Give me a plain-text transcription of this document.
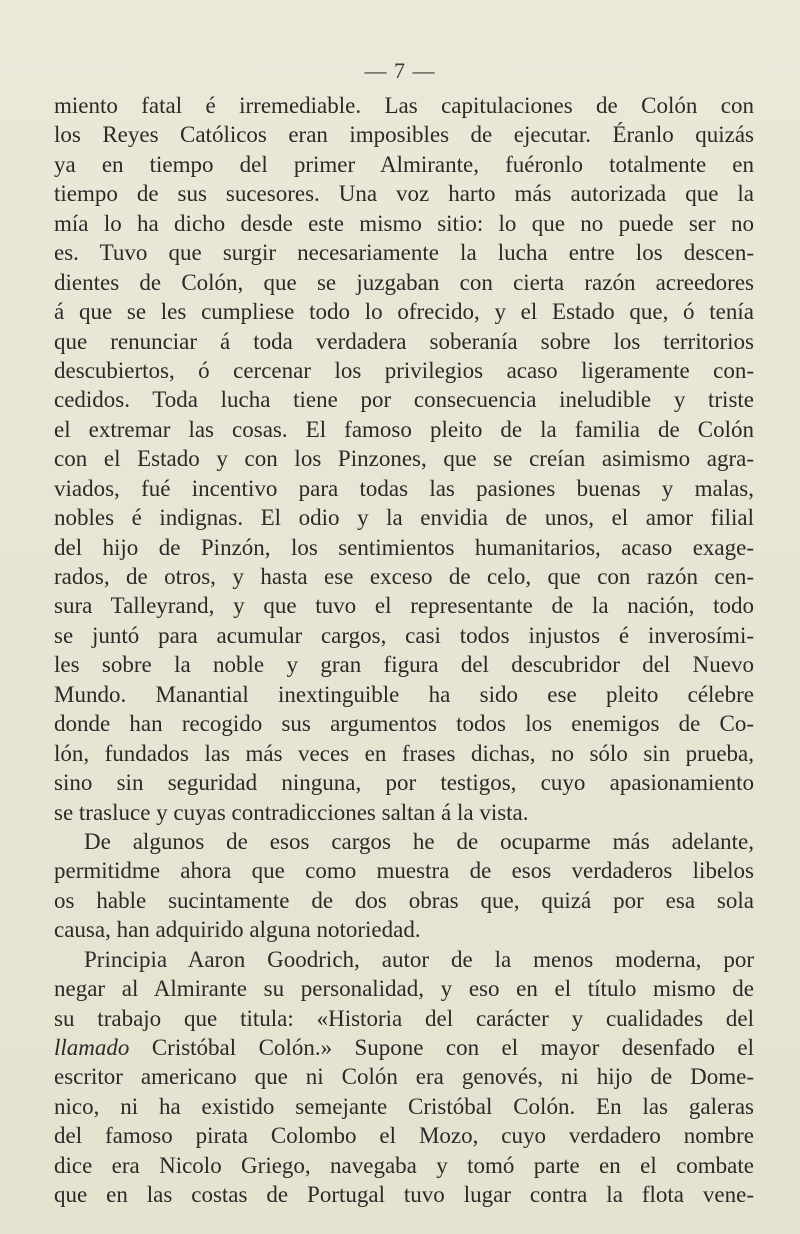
— 7 —
miento fatal é irremediable. Las capitulaciones de Colón con
los Reyes Católicos eran imposibles de ejecutar. Éranlo quizás
ya en tiempo del primer Almirante, fuéronlo totalmente en
tiempo de sus sucesores. Una voz harto más autorizada que la
mía lo ha dicho desde este mismo sitio: lo que no puede ser no
es. Tuvo que surgir necesariamente la lucha entre los descen-
dientes de Colón, que se juzgaban con cierta razón acreedores
á que se les cumpliese todo lo ofrecido, y el Estado que, ó tenía
que renunciar á toda verdadera soberanía sobre los territorios
descubiertos, ó cercenar los privilegios acaso ligeramente con-
cedidos. Toda lucha tiene por consecuencia ineludible y triste
el extremar las cosas. El famoso pleito de la familia de Colón
con el Estado y con los Pinzones, que se creían asimismo agra-
viados, fué incentivo para todas las pasiones buenas y malas,
nobles é indignas. El odio y la envidia de unos, el amor filial
del hijo de Pinzón, los sentimientos humanitarios, acaso exage-
rados, de otros, y hasta ese exceso de celo, que con razón cen-
sura Talleyrand, y que tuvo el representante de la nación, todo
se juntó para acumular cargos, casi todos injustos é inverosími-
les sobre la noble y gran figura del descubridor del Nuevo
Mundo. Manantial inextinguible ha sido ese pleito célebre
donde han recogido sus argumentos todos los enemigos de Co-
lón, fundados las más veces en frases dichas, no sólo sin prueba,
sino sin seguridad ninguna, por testigos, cuyo apasionamiento
se trasluce y cuyas contradicciones saltan á la vista.
De algunos de esos cargos he de ocuparme más adelante,
permitidme ahora que como muestra de esos verdaderos libelos
os hable sucintamente de dos obras que, quizá por esa sola
causa, han adquirido alguna notoriedad.
Principia Aaron Goodrich, autor de la menos moderna, por
negar al Almirante su personalidad, y eso en el título mismo de
su trabajo que titula: «Historia del carácter y cualidades del
llamado Cristóbal Colón.» Supone con el mayor desenfado el
escritor americano que ni Colón era genovés, ni hijo de Dome-
nico, ni ha existido semejante Cristóbal Colón. En las galeras
del famoso pirata Colombo el Mozo, cuyo verdadero nombre
dice era Nicolo Griego, navegaba y tomó parte en el combate
que en las costas de Portugal tuvo lugar contra la flota vene-
